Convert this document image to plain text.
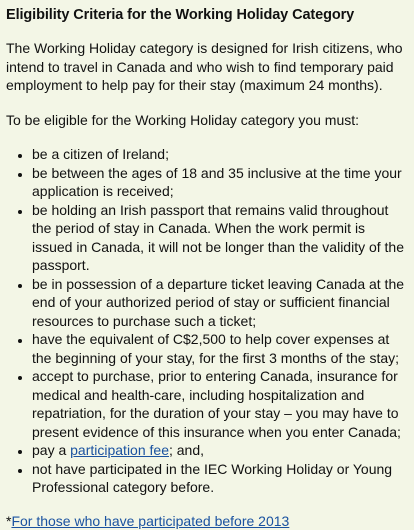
Eligibility Criteria for the Working Holiday Category

The Working Holiday category is designed for Irish citizens, who intend to travel in Canada and who wish to find temporary paid employment to help pay for their stay (maximum 24 months).

To be eligible for the Working Holiday category you must:

• be a citizen of Ireland;
• be between the ages of 18 and 35 inclusive at the time your application is received;
• be holding an Irish passport that remains valid throughout the period of stay in Canada. When the work permit is issued in Canada, it will not be longer than the validity of the passport.
• be in possession of a departure ticket leaving Canada at the end of your authorized period of stay or sufficient financial resources to purchase such a ticket;
• have the equivalent of C$2,500 to help cover expenses at the beginning of your stay, for the first 3 months of the stay;
• accept to purchase, prior to entering Canada, insurance for medical and health-care, including hospitalization and repatriation, for the duration of your stay – you may have to present evidence of this insurance when you enter Canada;
• pay a participation fee; and,
• not have participated in the IEC Working Holiday or Young Professional category before.
*For those who have participated before 2013
